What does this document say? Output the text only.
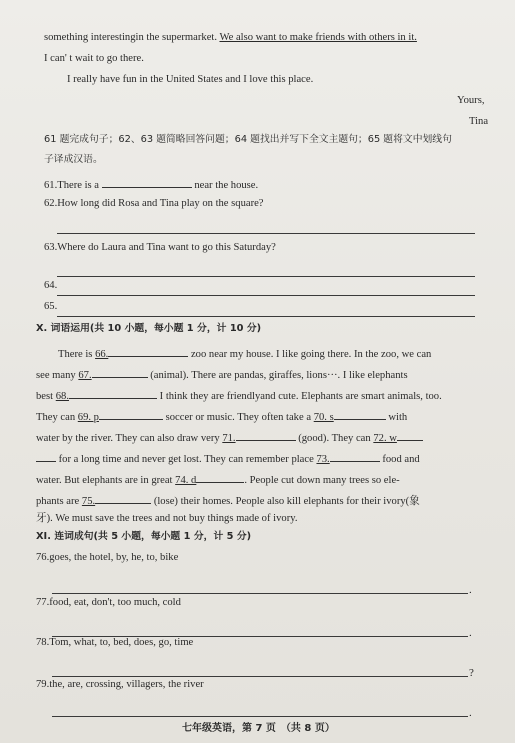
something interestingin the supermarket. We also want to make friends with others in it.
I can' t wait to go there.
I really have fun in the United States and I love this place.
Yours,
Tina
61 题完成句子；62、63 题简略回答问题；64 题找出并写下全文主题句；65 题将文中划线句
子译成汉语。
61.There is a	near the house.
62.How long did Rosa and Tina play on the square?
63.Where do Laura and Tina want to go this Saturday?
64.
65.
X. 词语运用(共 10 小题，每小题 1 分，计 10 分)
There is 66.	zoo near my house. I like going there. In the zoo, we can
see many 67.	(animal). There are pandas, giraffes, lions···. I like elephants
best 68.	I think they are friendlyand cute. Elephants are smart animals, too.
They can 69. p	soccer or music. They often take a 70. s	with
water by the river. They can also draw very 71.	(good). They can 72. w
for a long time and never get lost. They can remember place 73.	food and
water. But elephants are in great 74. d	. People cut down many trees so ele-
phants are 75.	(lose) their homes. People also kill elephants for their ivory(象
牙). We must save the trees and not buy things made of ivory.
XI. 连词成句(共 5 小题，每小题 1 分，计 5 分)
76.goes, the hotel, by, he, to, bike
.
77.food, eat, don't, too much, cold
.
78.Tom, what, to, bed, does, go, time
?
79.the, are, crossing, villagers, the river
.
七年级英语，第 7 页　（共 8 页）
